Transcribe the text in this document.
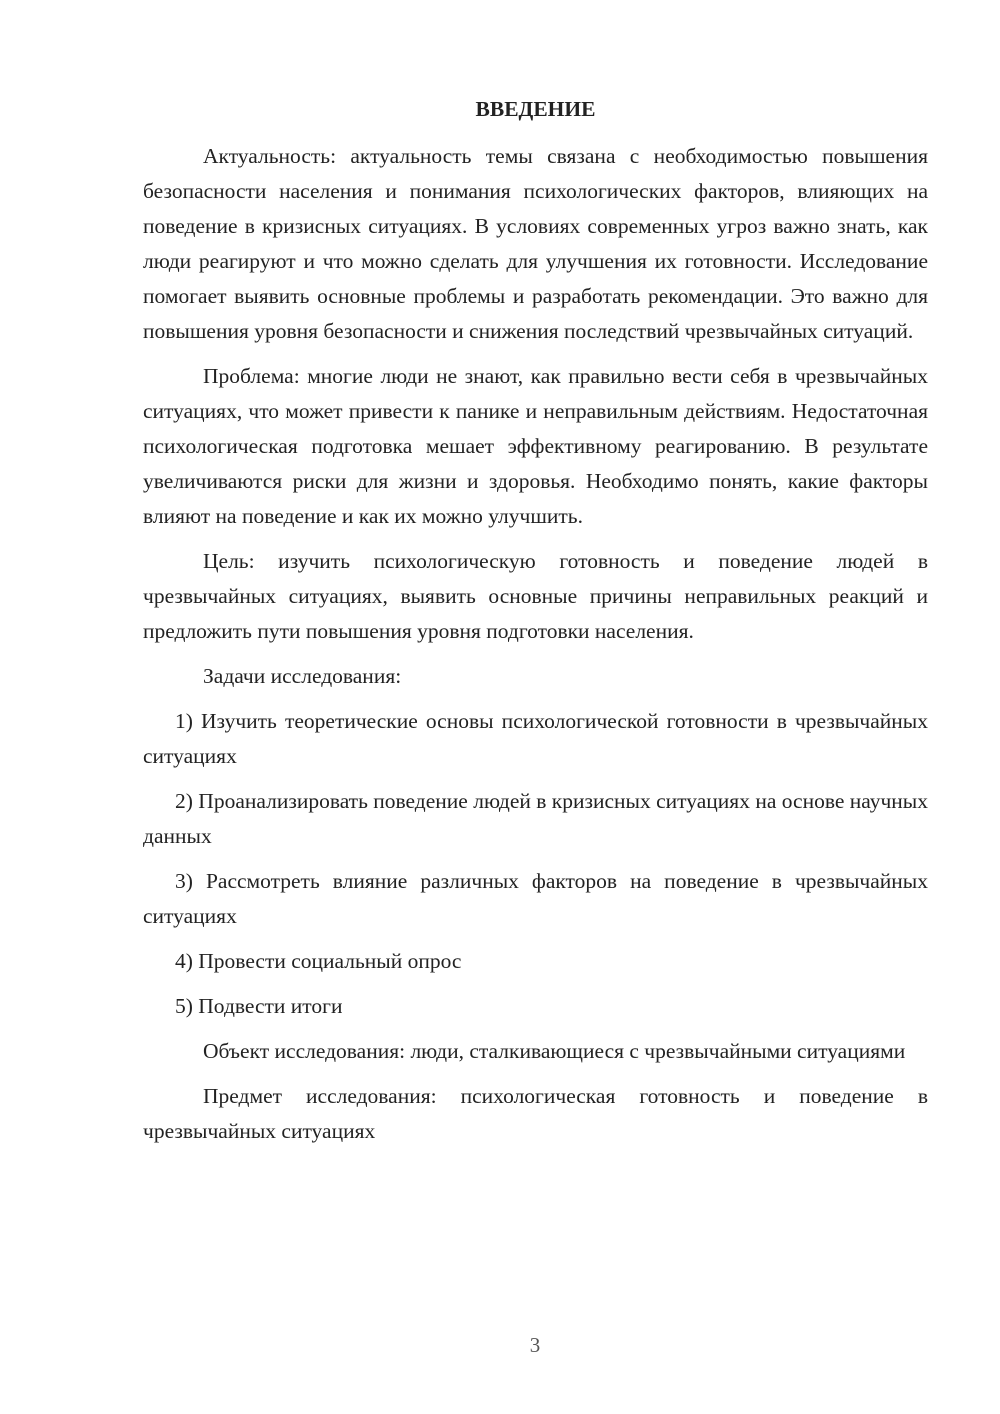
ВВЕДЕНИЕ

Актуальность: актуальность темы связана с необходимостью повышения безопасности населения и понимания психологических факторов, влияющих на поведение в кризисных ситуациях. В условиях современных угроз важно знать, как люди реагируют и что можно сделать для улучшения их готовности. Исследование помогает выявить основные проблемы и разработать рекомендации. Это важно для повышения уровня безопасности и снижения последствий чрезвычайных ситуаций.

Проблема: многие люди не знают, как правильно вести себя в чрезвычайных ситуациях, что может привести к панике и неправильным действиям. Недостаточная психологическая подготовка мешает эффективному реагированию. В результате увеличиваются риски для жизни и здоровья. Необходимо понять, какие факторы влияют на поведение и как их можно улучшить.

Цель: изучить психологическую готовность и поведение людей в чрезвычайных ситуациях, выявить основные причины неправильных реакций и предложить пути повышения уровня подготовки населения.

Задачи исследования:

1) Изучить теоретические основы психологической готовности в чрезвычайных ситуациях

2) Проанализировать поведение людей в кризисных ситуациях на основе научных данных

3) Рассмотреть влияние различных факторов на поведение в чрезвычайных ситуациях

4) Провести социальный опрос

5) Подвести итоги

Объект исследования: люди, сталкивающиеся с чрезвычайными ситуациями

Предмет исследования: психологическая готовность и поведение в чрезвычайных ситуациях

3
